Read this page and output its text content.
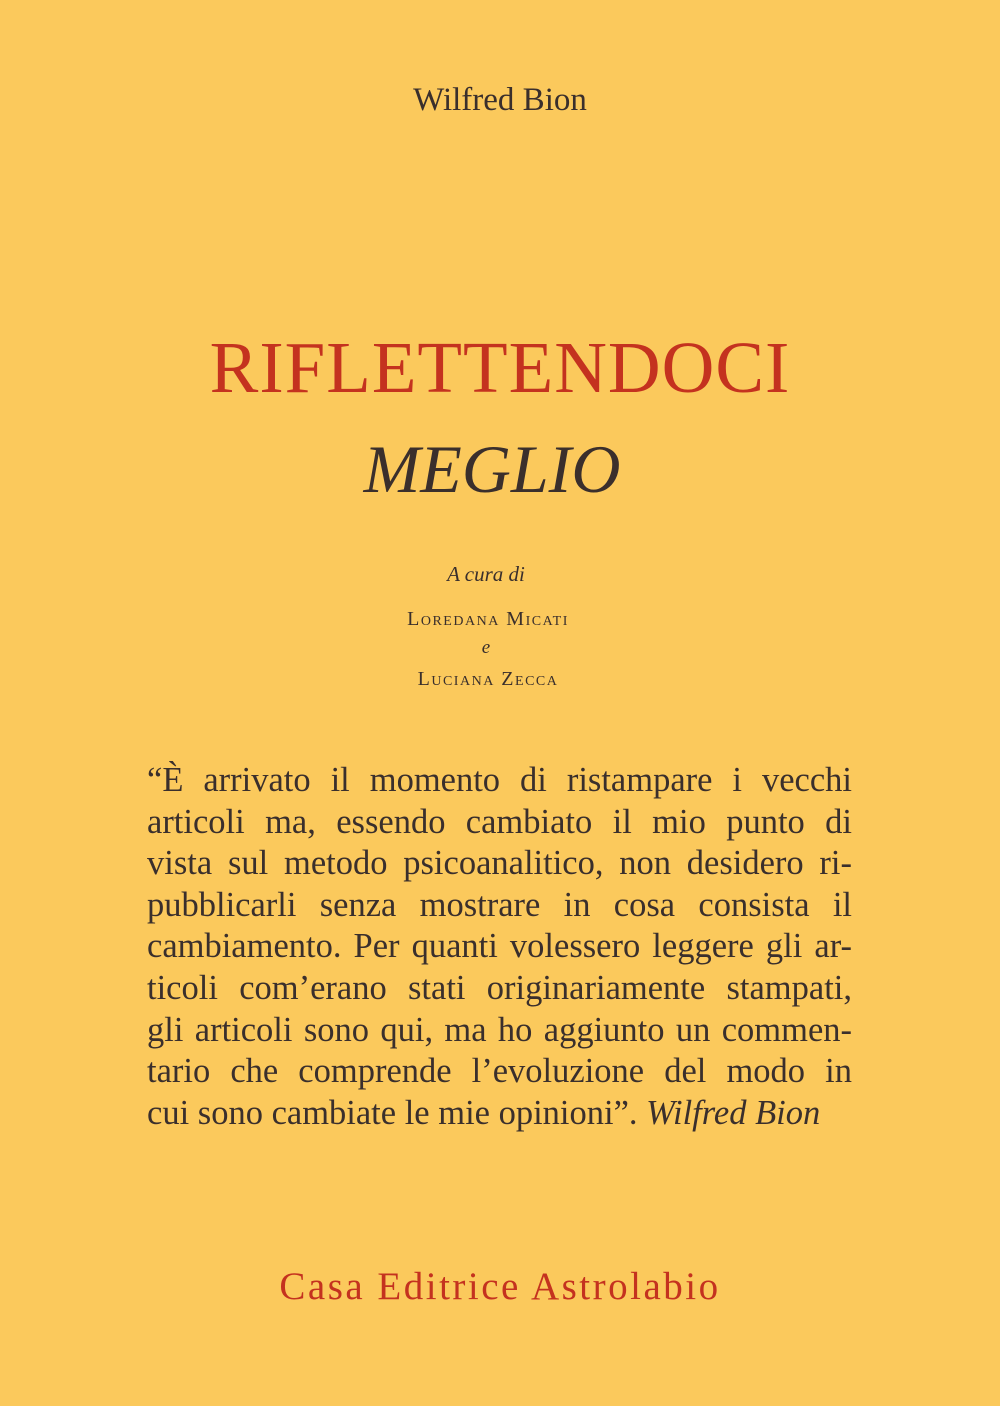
Wilfred Bion
RIFLETTENDOCI
MEGLIO
A cura di
Loredana Micati
e
Luciana Zecca
“È arrivato il momento di ristampare i vecchi
articoli ma, essendo cambiato il mio punto di
vista sul metodo psicoanalitico, non desidero ri-
pubblicarli senza mostrare in cosa consista il
cambiamento. Per quanti volessero leggere gli ar-
ticoli com’erano stati originariamente stampati,
gli articoli sono qui, ma ho aggiunto un commen-
tario che comprende l’evoluzione del modo in
cui sono cambiate le mie opinioni”. Wilfred Bion
Casa Editrice Astrolabio
